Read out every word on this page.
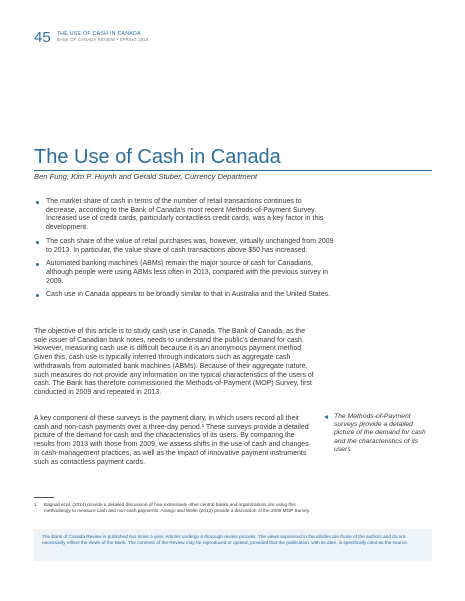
45 THE USE OF CASH IN CANADA
BANK OF CANADA REVIEW • SPRING 2015
The Use of Cash in Canada
Ben Fung, Kim P. Huynh and Gerald Stuber, Currency Department
The market share of cash in terms of the number of retail transactions continues to decrease, according to the Bank of Canada's most recent Methods-of-Payment Survey. Increased use of credit cards, particularly contactless credit cards, was a key factor in this development.
The cash share of the value of retail purchases was, however, virtually unchanged from 2009 to 2013. In particular, the value share of cash transactions above $50 has increased.
Automated banking machines (ABMs) remain the major source of cash for Canadians, although people were using ABMs less often in 2013, compared with the previous survey in 2009.
Cash use in Canada appears to be broadly similar to that in Australia and the United States.

The objective of this article is to study cash use in Canada. The Bank of Canada, as the sole issuer of Canadian bank notes, needs to understand the public's demand for cash. However, measuring cash use is difficult because it is an anonymous payment method. Given this, cash use is typically inferred through indicators such as aggregate cash withdrawals from automated bank machines (ABMs). Because of their aggregate nature, such measures do not provide any information on the typical characteristics of the users of cash. The Bank has therefore commissioned the Methods-of-Payment (MOP) Survey, first conducted in 2009 and repeated in 2013.

A key component of these surveys is the payment diary, in which users record all their cash and non-cash payments over a three-day period.¹ These surveys provide a detailed picture of the demand for cash and the characteristics of its users. By comparing the results from 2013 with those from 2009, we assess shifts in the use of cash and changes in cash-management practices, as well as the impact of innovative payment instruments such as contactless payment cards.

The Methods-of-Payment surveys provide a detailed picture of the demand for cash and the characteristics of its users
1	Bagnall et al. (2014) provide a detailed discussion of how extensively other central banks and organizations are using this methodology to measure cash and non-cash payments. Arango and Welte (2012) provide a discussion of the 2009 MOP Survey.
The Bank of Canada Review is published two times a year. Articles undergo a thorough review process. The views expressed in the articles are those of the authors and do not necessarily reflect the views of the Bank. The contents of the Review may be reproduced or quoted, provided that the publication, with its date, is specifically cited as the source.
